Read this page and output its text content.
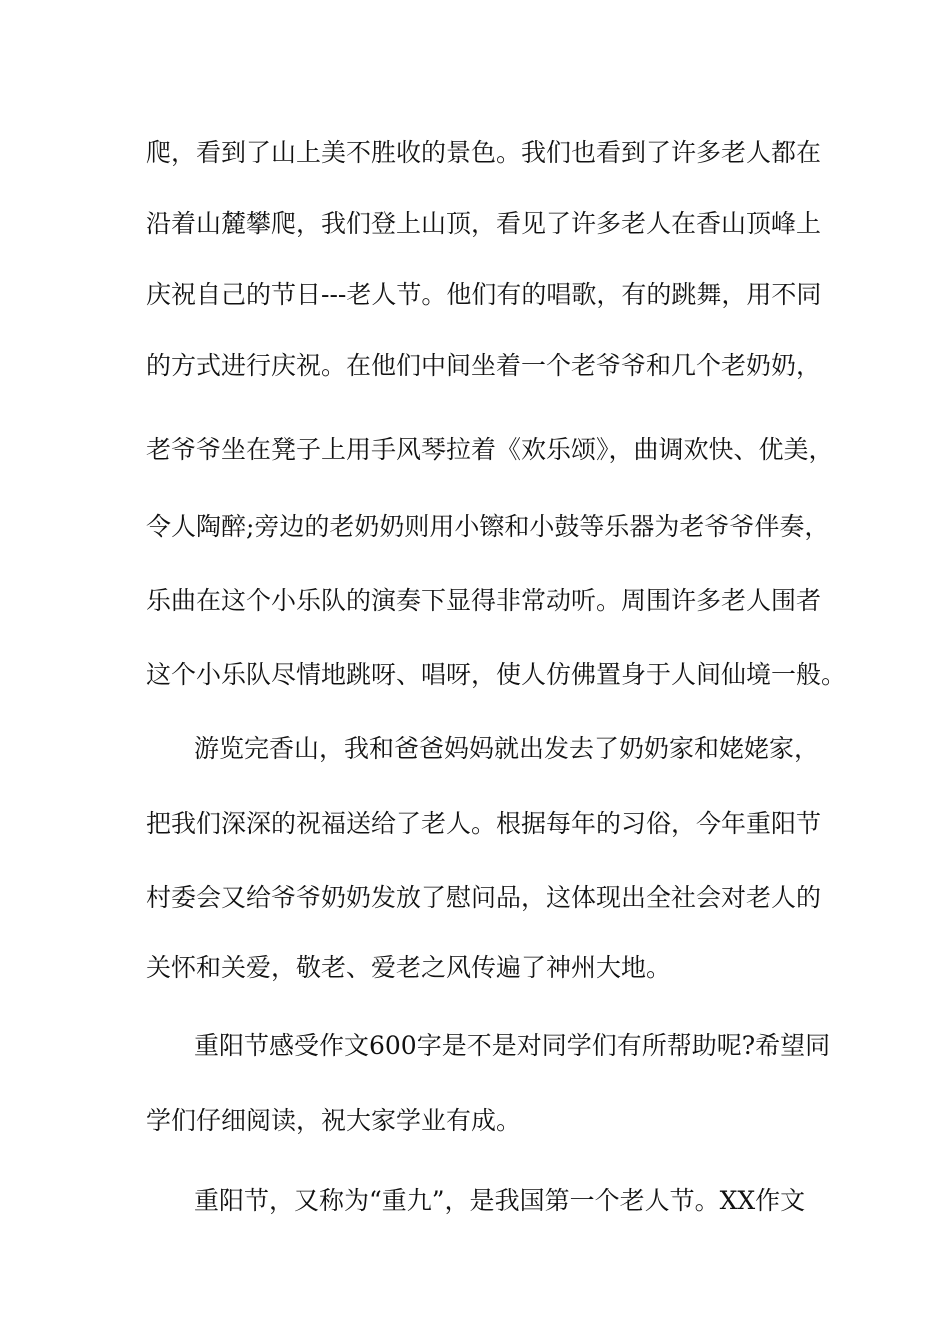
爬，看到了山上美不胜收的景色。我们也看到了许多老人都在

沿着山麓攀爬，我们登上山顶，看见了许多老人在香山顶峰上

庆祝自己的节日---老人节。他们有的唱歌，有的跳舞，用不同

的方式进行庆祝。在他们中间坐着一个老爷爷和几个老奶奶，

老爷爷坐在凳子上用手风琴拉着《欢乐颂》，曲调欢快、优美，

令人陶醉;旁边的老奶奶则用小镲和小鼓等乐器为老爷爷伴奏，

乐曲在这个小乐队的演奏下显得非常动听。周围许多老人围者

这个小乐队尽情地跳呀、唱呀，使人仿佛置身于人间仙境一般。

游览完香山，我和爸爸妈妈就出发去了奶奶家和姥姥家，

把我们深深的祝福送给了老人。根据每年的习俗，今年重阳节

村委会又给爷爷奶奶发放了慰问品，这体现出全社会对老人的

关怀和关爱，敬老、爱老之风传遍了神州大地。

重阳节感受作文600字是不是对同学们有所帮助呢?希望同

学们仔细阅读，祝大家学业有成。

重阳节，又称为“重九”，是我国第一个老人节。XX作文
